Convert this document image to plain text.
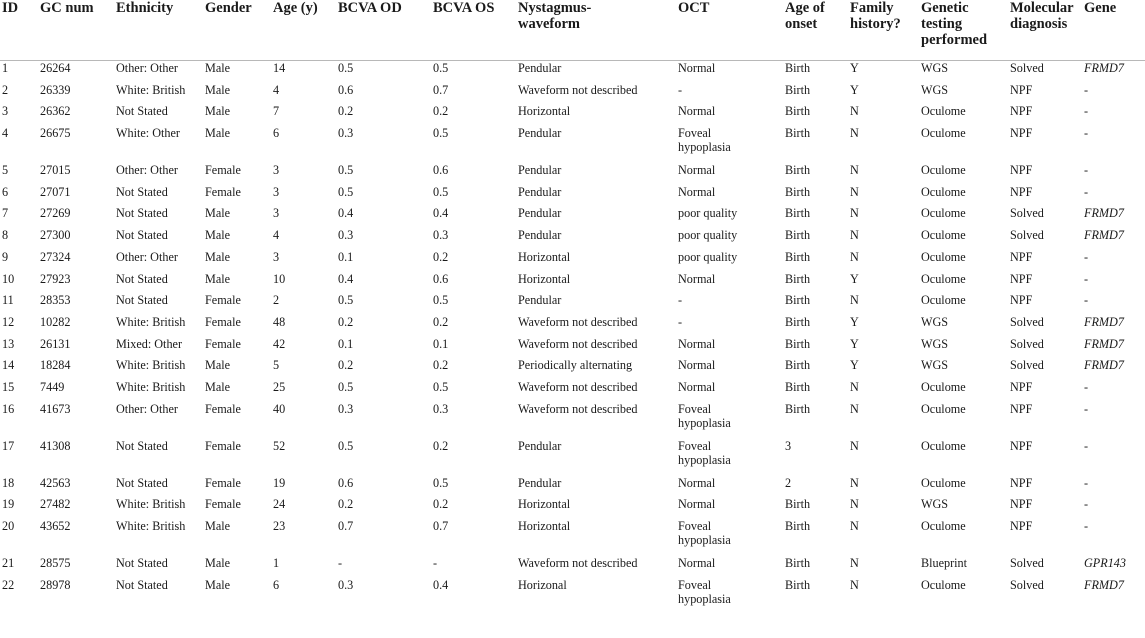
ID	GC num	Ethnicity	Gender	Age (y)	BCVA OD	BCVA OS	Nystagmus-
waveform	OCT	Age of
onset	Family
history?	Genetic
testing
performed	Molecular
diagnosis	Gene

1	26264	Other: Other	Male	14	0.5	0.5	Pendular	Normal	Birth	Y	WGS	Solved	FRMD7

2	26339	White: British	Male	4	0.6	0.7	Waveform not described	-	Birth	Y	WGS	NPF	-

3	26362	Not Stated	Male	7	0.2	0.2	Horizontal	Normal	Birth	N	Oculome	NPF	-

4	26675	White: Other	Male	6	0.3	0.5	Pendular	Foveal
hypoplasia	Birth	N	Oculome	NPF	-

5	27015	Other: Other	Female	3	0.5	0.6	Pendular	Normal	Birth	N	Oculome	NPF	-

6	27071	Not Stated	Female	3	0.5	0.5	Pendular	Normal	Birth	N	Oculome	NPF	-

7	27269	Not Stated	Male	3	0.4	0.4	Pendular	poor quality	Birth	N	Oculome	Solved	FRMD7

8	27300	Not Stated	Male	4	0.3	0.3	Pendular	poor quality	Birth	N	Oculome	Solved	FRMD7

9	27324	Other: Other	Male	3	0.1	0.2	Horizontal	poor quality	Birth	N	Oculome	NPF	-

10	27923	Not Stated	Male	10	0.4	0.6	Horizontal	Normal	Birth	Y	Oculome	NPF	-

11	28353	Not Stated	Female	2	0.5	0.5	Pendular	-	Birth	N	Oculome	NPF	-

12	10282	White: British	Female	48	0.2	0.2	Waveform not described	-	Birth	Y	WGS	Solved	FRMD7

13	26131	Mixed: Other	Female	42	0.1	0.1	Waveform not described	Normal	Birth	Y	WGS	Solved	FRMD7

14	18284	White: British	Male	5	0.2	0.2	Periodically alternating	Normal	Birth	Y	WGS	Solved	FRMD7

15	7449	White: British	Male	25	0.5	0.5	Waveform not described	Normal	Birth	N	Oculome	NPF	-

16	41673	Other: Other	Female	40	0.3	0.3	Waveform not described	Foveal
hypoplasia	Birth	N	Oculome	NPF	-

17	41308	Not Stated	Female	52	0.5	0.2	Pendular	Foveal
hypoplasia	3	N	Oculome	NPF	-

18	42563	Not Stated	Female	19	0.6	0.5	Pendular	Normal	2	N	Oculome	NPF	-

19	27482	White: British	Female	24	0.2	0.2	Horizontal	Normal	Birth	N	WGS	NPF	-

20	43652	White: British	Male	23	0.7	0.7	Horizontal	Foveal
hypoplasia	Birth	N	Oculome	NPF	-

21	28575	Not Stated	Male	1	-	-	Waveform not described	Normal	Birth	N	Blueprint	Solved	GPR143

22	28978	Not Stated	Male	6	0.3	0.4	Horizonal	Foveal
hypoplasia	Birth	N	Oculome	Solved	FRMD7
